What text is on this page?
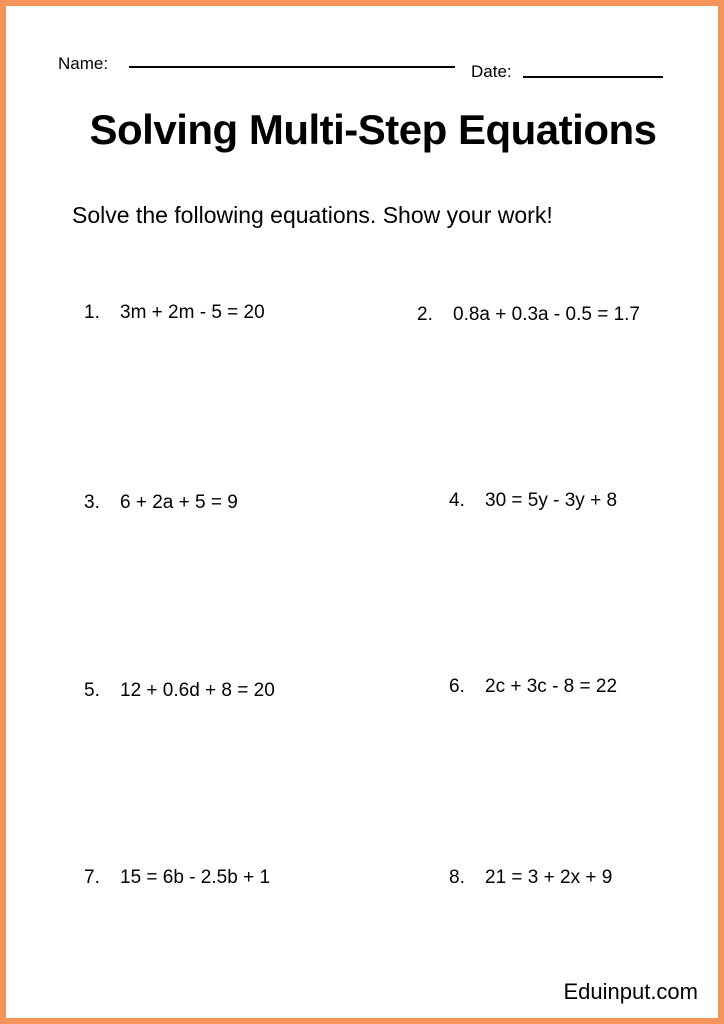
Name:	Date:
Solving Multi-Step Equations
Solve the following equations. Show your work!
1. 3m + 2m - 5 = 20	2. 0.8a + 0.3a - 0.5 = 1.7
3. 6 + 2a + 5 = 9	4. 30 = 5y - 3y + 8
5. 12 + 0.6d + 8 = 20	6. 2c + 3c - 8 = 22
7. 15 = 6b - 2.5b + 1	8. 21 = 3 + 2x + 9
Eduinput.com
